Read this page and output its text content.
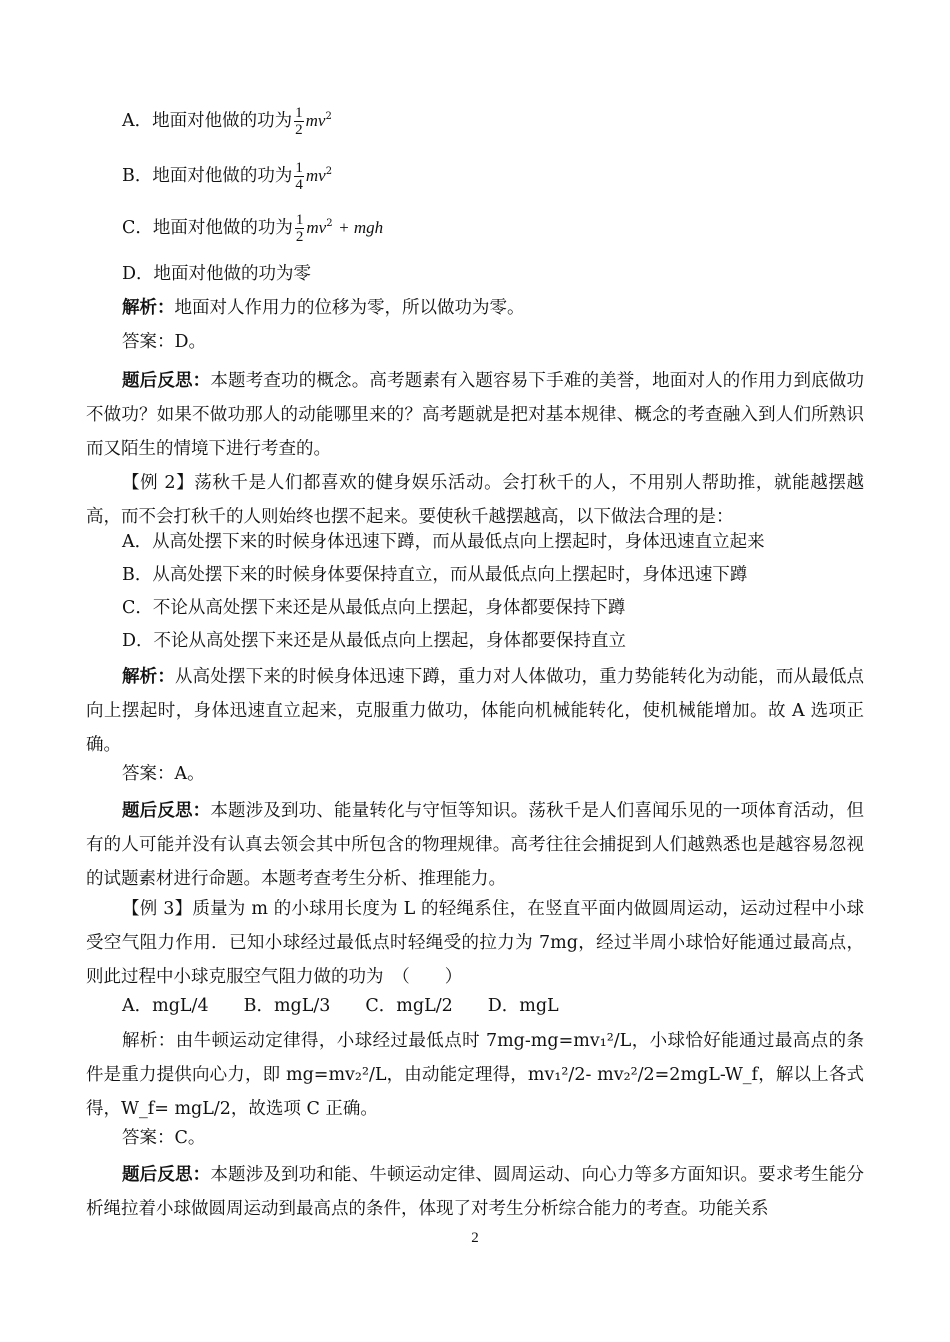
A．地面对他做的功为 $\frac{1}{2} mv^2$
B．地面对他做的功为 $\frac{1}{4} mv^2$
C．地面对他做的功为 $\frac{1}{2} mv^2$ + mgh
D．地面对他做的功为零
解析：地面对人作用力的位移为零，所以做功为零。
答案：D。
题后反思：本题考查功的概念。高考题素有入题容易下手难的美誉，地面对人的作用力到底做功不做功？如果不做功那人的动能哪里来的？高考题就是把对基本规律、概念的考查融入到人们所熟识而又陌生的情境下进行考查的。
【例 2】荡秋千是人们都喜欢的健身娱乐活动。会打秋千的人，不用别人帮助推，就能越摆越高，而不会打秋千的人则始终也摆不起来。要使秋千越摆越高，以下做法合理的是：
A．从高处摆下来的时候身体迅速下蹲，而从最低点向上摆起时，身体迅速直立起来
B．从高处摆下来的时候身体要保持直立，而从最低点向上摆起时，身体迅速下蹲
C．不论从高处摆下来还是从最低点向上摆起，身体都要保持下蹲
D．不论从高处摆下来还是从最低点向上摆起，身体都要保持直立
解析：从高处摆下来的时候身体迅速下蹲，重力对人体做功，重力势能转化为动能，而从最低点向上摆起时，身体迅速直立起来，克服重力做功，体能向机械能转化，使机械能增加。故 A 选项正确。
答案：A。
题后反思：本题涉及到功、能量转化与守恒等知识。荡秋千是人们喜闻乐见的一项体育活动，但有的人可能并没有认真去领会其中所包含的物理规律。高考往往会捕捉到人们越熟悉也是越容易忽视的试题素材进行命题。本题考查考生分析、推理能力。
【例 3】质量为 m 的小球用长度为 L 的轻绳系住，在竖直平面内做圆周运动，运动过程中小球受空气阻力作用．已知小球经过最低点时轻绳受的拉力为 7mg，经过半周小球恰好能通过最高点，则此过程中小球克服空气阻力做的功为　（　　）
A．mgL/4　　B．mgL/3　　C．mgL/2　　D．mgL
解析：由牛顿运动定律得，小球经过最低点时 7mg-mg=mv₁²/L，小球恰好能通过最高点的条件是重力提供向心力，即 mg=mv₂²/L，由动能定理得，mv₁²/2- mv₂²/2=2mgL-W_f，解以上各式得，W_f= mgL/2，故选项 C 正确。
答案：C。
题后反思：本题涉及到功和能、牛顿运动定律、圆周运动、向心力等多方面知识。要求考生能分析绳拉着小球做圆周运动到最高点的条件，体现了对考生分析综合能力的考查。功能关系
2
